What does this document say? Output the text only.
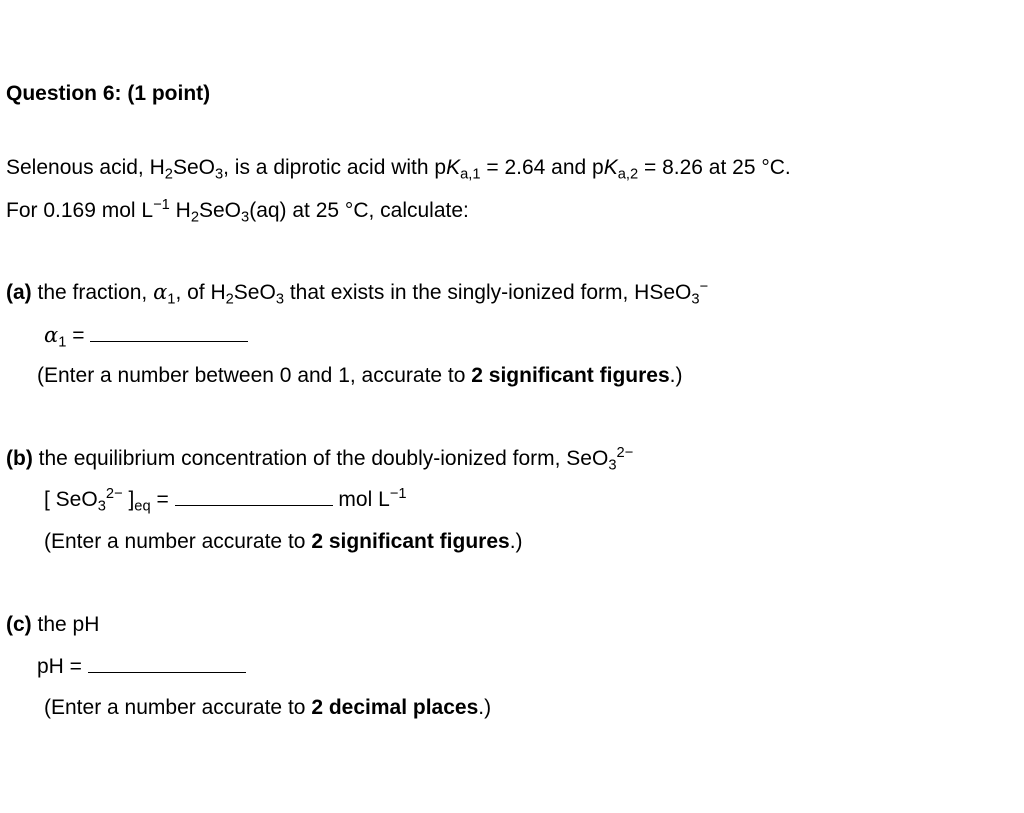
Question 6: (1 point)
Selenous acid, $H_2SeO_3$, is a diprotic acid with $pK_{a,1} = 2.64$ and $pK_{a,2} = 8.26$ at 25 °C.
For 0.169 mol $L^{-1}$ $H_2SeO_3(aq)$ at 25 °C, calculate:
(a) the fraction, $\alpha_1$, of $H_2SeO_3$ that exists in the singly-ionized form, HSeO$_3$−
$\alpha_1$ =
(Enter a number between 0 and 1, accurate to 2 significant figures.)
(b) the equilibrium concentration of the doubly-ionized form, SeO$_3^{2-}$
[ SeO$_3^{2-}$ ]$_{eq}$ =	mol $L^{-1}$
(Enter a number accurate to 2 significant figures.)
(c) the pH
pH =
(Enter a number accurate to 2 decimal places.)
